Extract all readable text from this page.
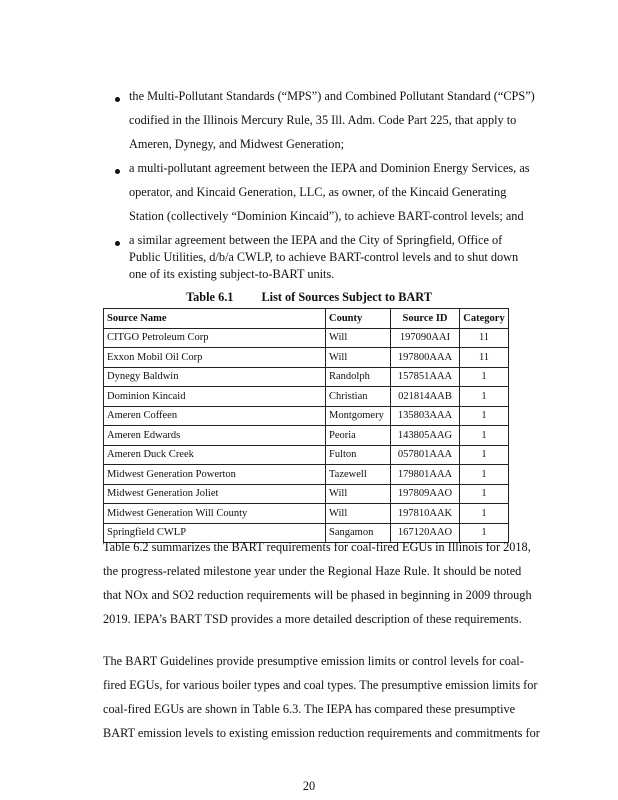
the Multi-Pollutant Standards (“MPS”) and Combined Pollutant Standard (“CPS”)
codified in the Illinois Mercury Rule, 35 Ill. Adm. Code Part 225, that apply to
Ameren, Dynegy, and Midwest Generation;
a multi-pollutant agreement between the IEPA and Dominion Energy Services, as
operator, and Kincaid Generation, LLC, as owner, of the Kincaid Generating
Station (collectively “Dominion Kincaid”), to achieve BART-control levels; and
a similar agreement between the IEPA and the City of Springfield, Office of
Public Utilities, d/b/a CWLP, to achieve BART-control levels and to shut down
one of its existing subject-to-BART units.
Table 6.1 List of Sources Subject to BART
Source Name	County	Source ID	Category
CITGO Petroleum Corp	Will	197090AAI	11
Exxon Mobil Oil Corp	Will	197800AAA	11
Dynegy Baldwin	Randolph	157851AAA	1
Dominion Kincaid	Christian	021814AAB	1
Ameren Coffeen	Montgomery	135803AAA	1
Ameren Edwards	Peoria	143805AAG	1
Ameren Duck Creek	Fulton	057801AAA	1
Midwest Generation Powerton	Tazewell	179801AAA	1
Midwest Generation Joliet	Will	197809AAO	1
Midwest Generation Will County	Will	197810AAK	1
Springfield CWLP	Sangamon	167120AAO	1
Table 6.2 summarizes the BART requirements for coal-fired EGUs in Illinois for 2018,
the progress-related milestone year under the Regional Haze Rule. It should be noted
that NOx and SO2 reduction requirements will be phased in beginning in 2009 through
2019. IEPA’s BART TSD provides a more detailed description of these requirements.
The BART Guidelines provide presumptive emission limits or control levels for coal-
fired EGUs, for various boiler types and coal types. The presumptive emission limits for
coal-fired EGUs are shown in Table 6.3. The IEPA has compared these presumptive
BART emission levels to existing emission reduction requirements and commitments for
20
